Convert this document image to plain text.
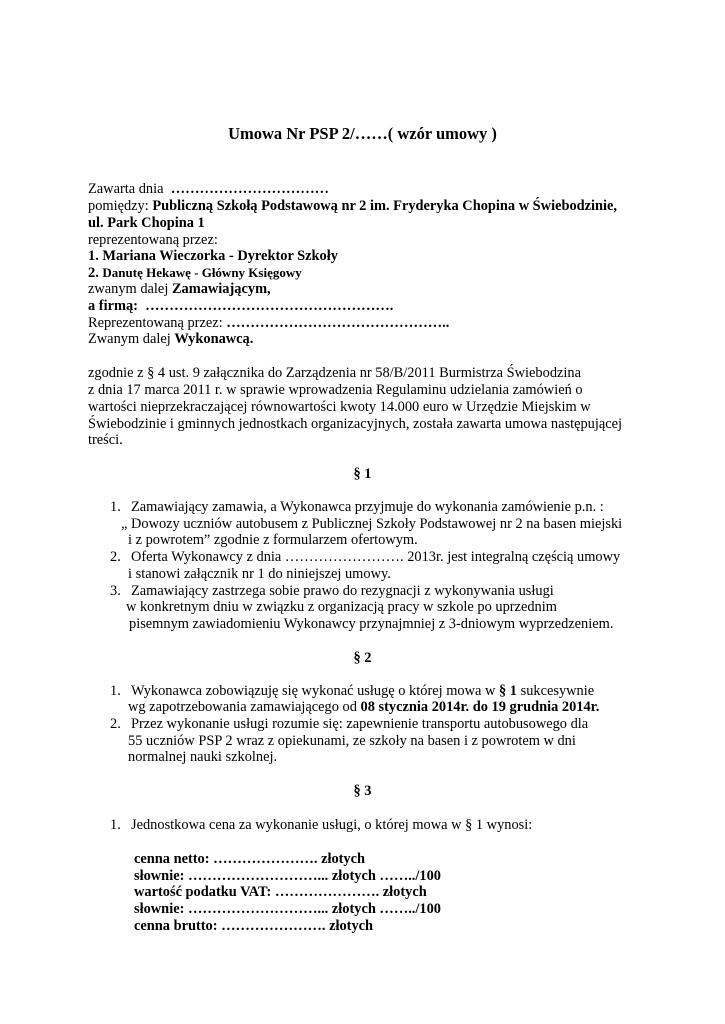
Umowa Nr PSP 2/……( wzór umowy )
Zawarta dnia ……………………………
pomiędzy: Publiczną Szkołą Podstawową nr 2 im. Fryderyka Chopina w Świebodzinie,
ul. Park Chopina 1
reprezentowaną przez:
1. Mariana Wieczorka - Dyrektor Szkoły
2. Danutę Hekawę - Główny Księgowy
zwanym dalej Zamawiającym,
a firmą: …………………………………………….
Reprezentowaną przez: ………………………………………..
Zwanym dalej Wykonawcą.
zgodnie z § 4 ust. 9 załącznika do Zarządzenia nr 58/B/2011 Burmistrza Świebodzina
z dnia 17 marca 2011 r. w sprawie wprowadzenia Regulaminu udzielania zamówień o
wartości nieprzekraczającej równowartości kwoty 14.000 euro w Urzędzie Miejskim w
Świebodzinie i gminnych jednostkach organizacyjnych, została zawarta umowa następującej
treści.
§ 1
1. Zamawiający zamawia, a Wykonawca przyjmuje do wykonania zamówienie p.n. :
„ Dowozy uczniów autobusem z Publicznej Szkoły Podstawowej nr 2 na basen miejski
i z powrotem” zgodnie z formularzem ofertowym.
2. Oferta Wykonawcy z dnia ……………………. 2013r. jest integralną częścią umowy
i stanowi załącznik nr 1 do niniejszej umowy.
3. Zamawiający zastrzega sobie prawo do rezygnacji z wykonywania usługi
w konkretnym dniu w związku z organizacją pracy w szkole po uprzednim
pisemnym zawiadomieniu Wykonawcy przynajmniej z 3-dniowym wyprzedzeniem.
§ 2
1. Wykonawca zobowiązuję się wykonać usługę o której mowa w § 1 sukcesywnie
wg zapotrzebowania zamawiającego od 08 stycznia 2014r. do 19 grudnia 2014r.
2. Przez wykonanie usługi rozumie się: zapewnienie transportu autobusowego dla
55 uczniów PSP 2 wraz z opiekunami, ze szkoły na basen i z powrotem w dni
normalnej nauki szkolnej.
§ 3
1. Jednostkowa cena za wykonanie usługi, o której mowa w § 1 wynosi:
cenna netto: …………………. złotych
słownie: ………………………... złotych ……../100
wartość podatku VAT: …………………. złotych
słownie: ………………………... złotych ……../100
cenna brutto: …………………. złotych
